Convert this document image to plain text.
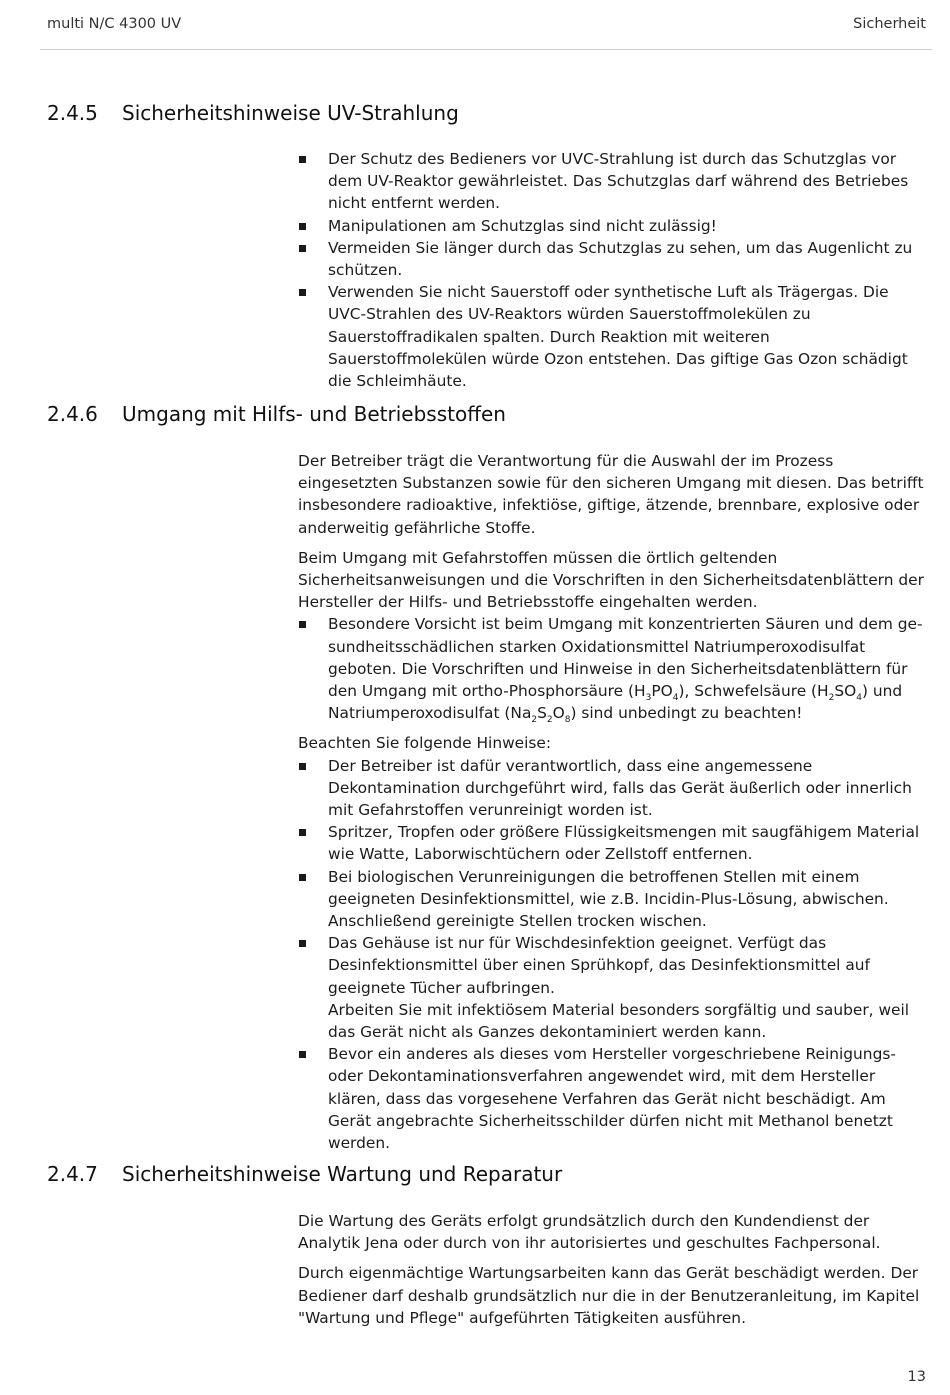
multi N/C 4300 UV	Sicherheit
2.4.5 Sicherheitshinweise UV-Strahlung
Der Schutz des Bedieners vor UVC-Strahlung ist durch das Schutzglas vor dem UV-Reaktor gewährleistet. Das Schutzglas darf während des Betriebes nicht entfernt werden.
Manipulationen am Schutzglas sind nicht zulässig!
Vermeiden Sie länger durch das Schutzglas zu sehen, um das Augenlicht zu schützen.
Verwenden Sie nicht Sauerstoff oder synthetische Luft als Trägergas. Die UVC-Strahlen des UV-Reaktors würden Sauerstoffmolekülen zu Sauerstoffradikalen spalten. Durch Reaktion mit weiteren Sauerstoffmolekülen würde Ozon entstehen. Das giftige Gas Ozon schädigt die Schleimhäute.
2.4.6 Umgang mit Hilfs- und Betriebsstoffen

Der Betreiber trägt die Verantwortung für die Auswahl der im Prozess eingesetzten Substanzen sowie für den sicheren Umgang mit diesen. Das betrifft insbesondere radioaktive, infektiöse, giftige, ätzende, brennbare, explosive oder anderweitig gefährliche Stoffe.

Beim Umgang mit Gefahrstoffen müssen die örtlich geltenden Sicherheitsanweisungen und die Vorschriften in den Sicherheitsdatenblättern der Hersteller der Hilfs- und Betriebsstoffe eingehalten werden.

Besondere Vorsicht ist beim Umgang mit konzentrierten Säuren und dem gesundheitsschädlichen starken Oxidationsmittel Natriumperoxodisulfat geboten. Die Vorschriften und Hinweise in den Sicherheitsdatenblättern für den Umgang mit ortho-Phosphorsäure $(H_3PO_4)$, Schwefelsäure $(H_2SO_4)$ und Natriumperoxodisulfat $(Na_2S_2O_8)$ sind unbedingt zu beachten!

Beachten Sie folgende Hinweise:

Der Betreiber ist dafür verantwortlich, dass eine angemessene Dekontamination durchgeführt wird, falls das Gerät äußerlich oder innerlich mit Gefahrstoffen verunreinigt worden ist.
Spritzer, Tropfen oder größere Flüssigkeitsmengen mit saugfähigem Material wie Watte, Laborwischtüchern oder Zellstoff entfernen.
Bei biologischen Verunreinigungen die betroffenen Stellen mit einem geeigneten Desinfektionsmittel, wie z.B. Incidin-Plus-Lösung, abwischen. Anschließend gereinigte Stellen trocken wischen.
Das Gehäuse ist nur für Wischdesinfektion geeignet. Verfügt das Desinfektionsmittel über einen Sprühkopf, das Desinfektionsmittel auf geeignete Tücher aufbringen.
Arbeiten Sie mit infektiösem Material besonders sorgfältig und sauber, weil das Gerät nicht als Ganzes dekontaminiert werden kann.
Bevor ein anderes als dieses vom Hersteller vorgeschriebene Reinigungs- oder Dekontaminationsverfahren angewendet wird, mit dem Hersteller klären, dass das vorgesehene Verfahren das Gerät nicht beschädigt. Am Gerät angebrachte Sicherheitsschilder dürfen nicht mit Methanol benetzt werden.
2.4.7 Sicherheitshinweise Wartung und Reparatur

Die Wartung des Geräts erfolgt grundsätzlich durch den Kundendienst der Analytik Jena oder durch von ihr autorisiertes und geschultes Fachpersonal.

Durch eigenmächtige Wartungsarbeiten kann das Gerät beschädigt werden. Der Bediener darf deshalb grundsätzlich nur die in der Benutzeranleitung, im Kapitel "Wartung und Pflege" aufgeführten Tätigkeiten ausführen.

13
